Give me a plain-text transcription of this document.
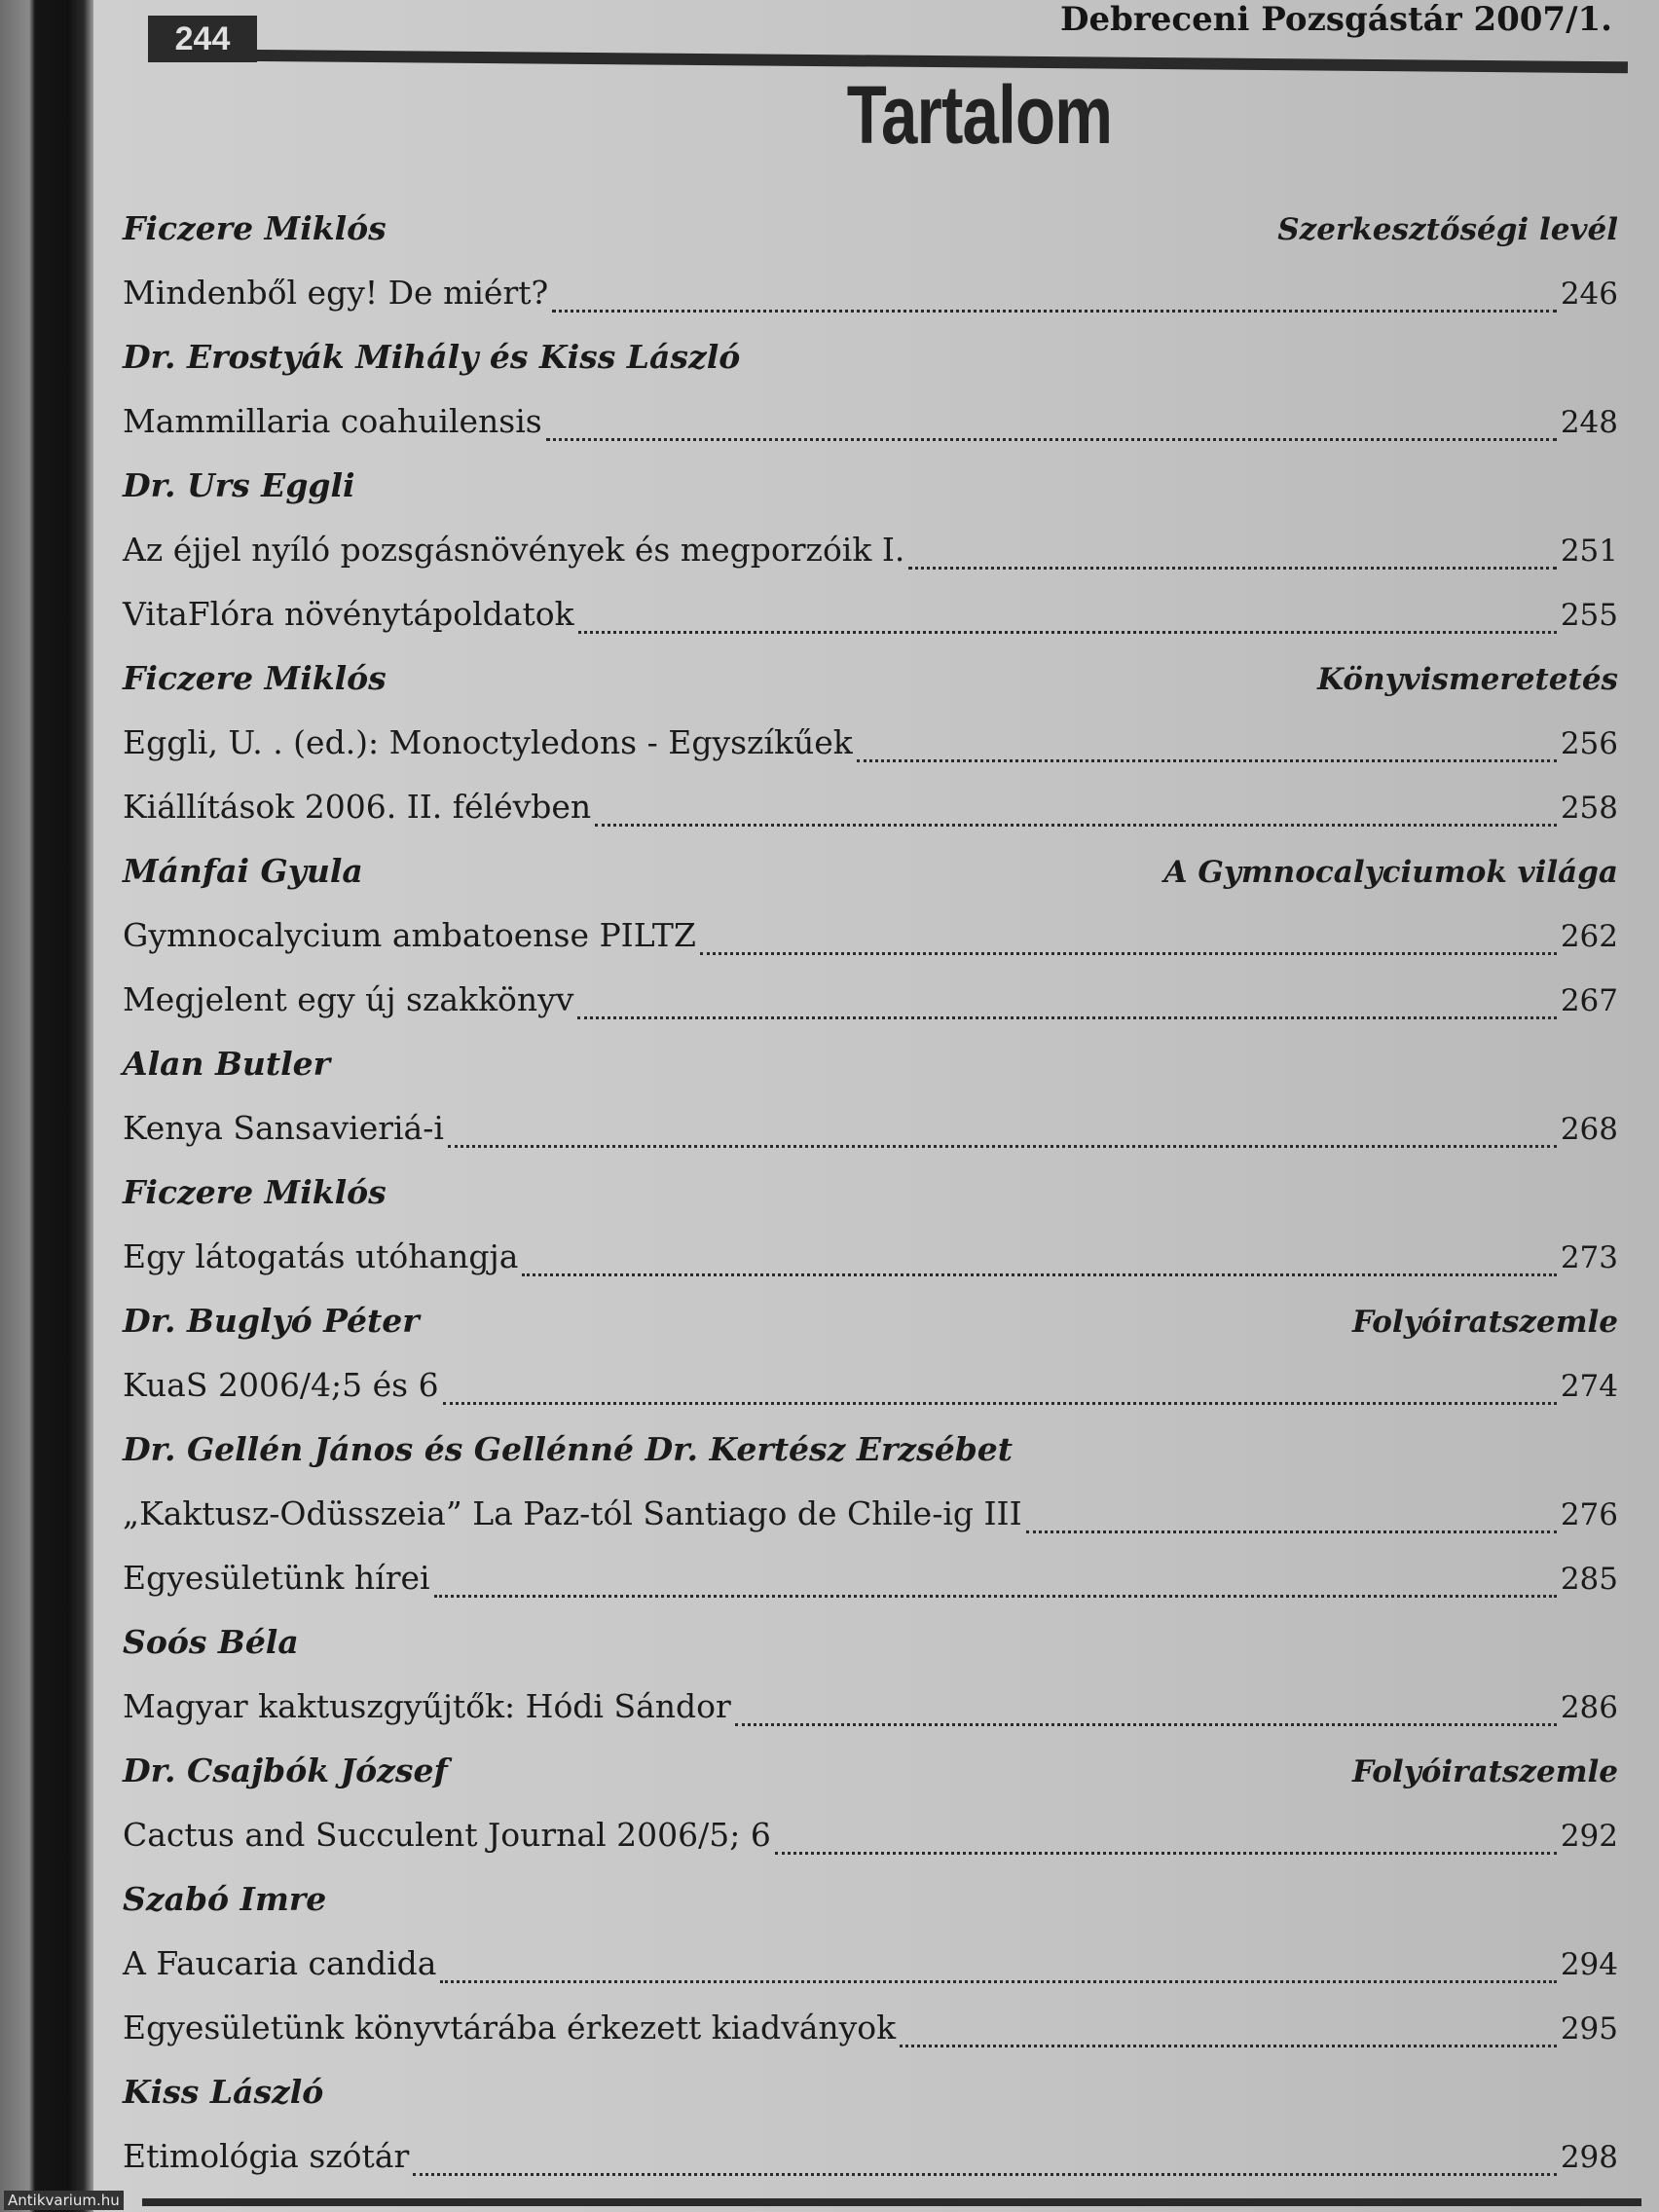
244	Debreceni Pozsgástár 2007/1.
Tartalom
Ficzere Miklós	Szerkesztőségi levél
Mindenből egy! De miért?	246
Dr. Erostyák Mihály és Kiss László
Mammillaria coahuilensis	248
Dr. Urs Eggli
Az éjjel nyíló pozsgásnövények és megporzóik I.	251
VitaFlóra növénytápoldatok	255
Ficzere Miklós	Könyvismeretetés
Eggli, U. . (ed.): Monoctyledons - Egyszíkűek	256
Kiállítások 2006. II. félévben	258
Mánfai Gyula	A Gymnocalyciumok világa
Gymnocalycium ambatoense PILTZ	262
Megjelent egy új szakkönyv	267
Alan Butler
Kenya Sansavieriá-i	268
Ficzere Miklós
Egy látogatás utóhangja	273
Dr. Buglyó Péter	Folyóiratszemle
KuaS 2006/4;5 és 6	274
Dr. Gellén János és Gellénné Dr. Kertész Erzsébet
„Kaktusz-Odüsszeia” La Paz-tól Santiago de Chile-ig III	276
Egyesületünk hírei	285
Soós Béla
Magyar kaktuszgyűjtők: Hódi Sándor	286
Dr. Csajbók József	Folyóiratszemle
Cactus and Succulent Journal 2006/5; 6	292
Szabó Imre
A Faucaria candida	294
Egyesületünk könyvtárába érkezett kiadványok	295
Kiss László
Etimológia szótár	298
Antikvarium.hu
